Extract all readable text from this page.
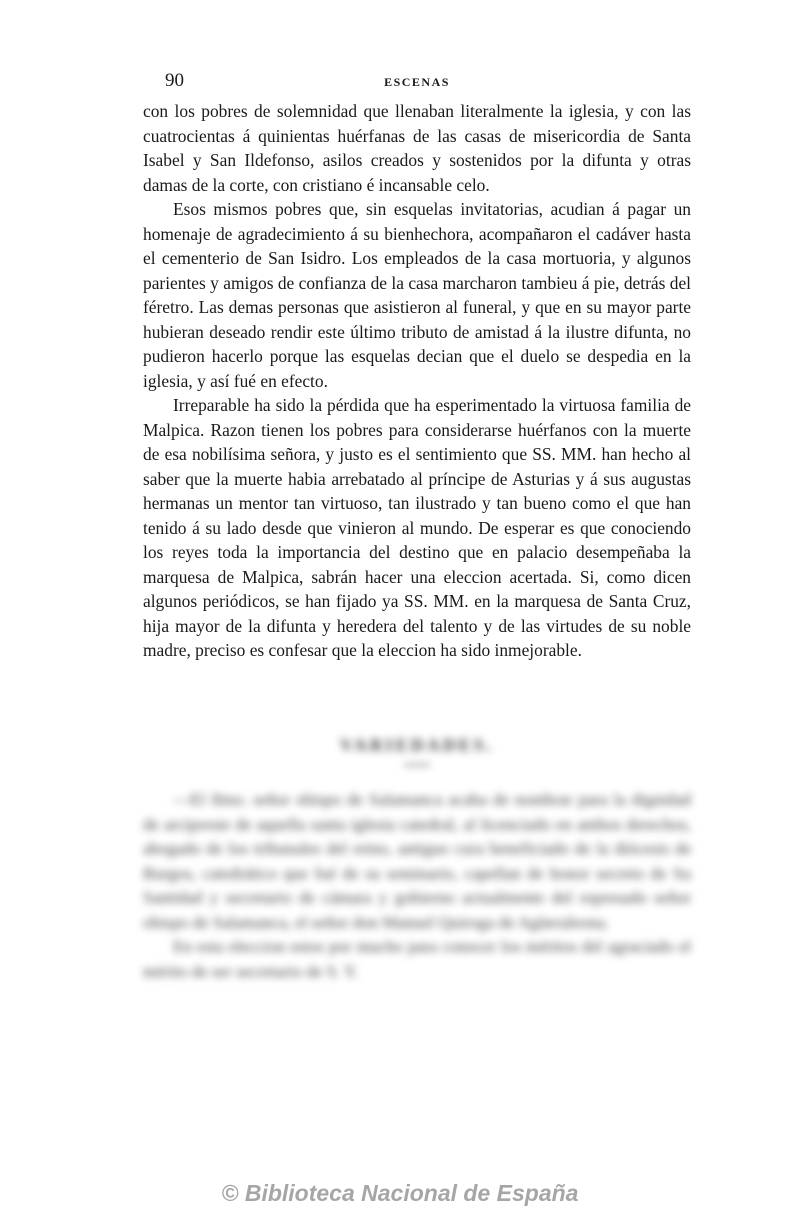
90	ESCENAS

con los pobres de solemnidad que llenaban literalmente la iglesia, y con las cuatrocientas á quinientas huérfanas de las casas de misericordia de Santa Isabel y San Ildefonso, asilos creados y sostenidos por la difunta y otras damas de la corte, con cristiano é incansable celo.

Esos mismos pobres que, sin esquelas invitatorias, acudian á pagar un homenaje de agradecimiento á su bienhechora, acompañaron el cadáver hasta el cementerio de San Isidro. Los empleados de la casa mortuoria, y algunos parientes y amigos de confianza de la casa marcharon tambieu á pie, detrás del féretro. Las demas personas que asistieron al funeral, y que en su mayor parte hubieran deseado rendir este último tributo de amistad á la ilustre difunta, no pudieron hacerlo porque las esquelas decian que el duelo se despedia en la iglesia, y así fué en efecto.

Irreparable ha sido la pérdida que ha esperimentado la virtuosa familia de Malpica. Razon tienen los pobres para considerarse huérfanos con la muerte de esa nobilísima señora, y justo es el sentimiento que SS. MM. han hecho al saber que la muerte habia arrebatado al príncipe de Asturias y á sus augustas hermanas un mentor tan virtuoso, tan ilustrado y tan bueno como el que han tenido á su lado desde que vinieron al mundo. De esperar es que conociendo los reyes toda la importancia del destino que en palacio desempeñaba la marquesa de Malpica, sabrán hacer una eleccion acertada. Si, como dicen algunos periódicos, se han fijado ya SS. MM. en la marquesa de Santa Cruz, hija mayor de la difunta y heredera del talento y de las virtudes de su noble madre, preciso es confesar que la eleccion ha sido inmejorable.

VARIEDADES.

—El Ilmo. señor obispo de Salamanca acaba de nombrar para la dignidad de arcipreste de aquella santa iglesia catedral, al licenciado en ambos derechos, abogado de los tribunales del reino, antiguo cura beneficiado de la diócesis de Burgos, catedrático que fué de su seminario, capellan de honor secreto de Su Santidad y secretario de cámara y gobierno actualmente del espresado señor obispo de Salamanca, el señor don Manuel Quiroga de Agüeraleona.

En esta eleccion estos por mucho para conocer los méritos del agraciado el mérito de ser secretario de S. Y.

© Biblioteca Nacional de España
